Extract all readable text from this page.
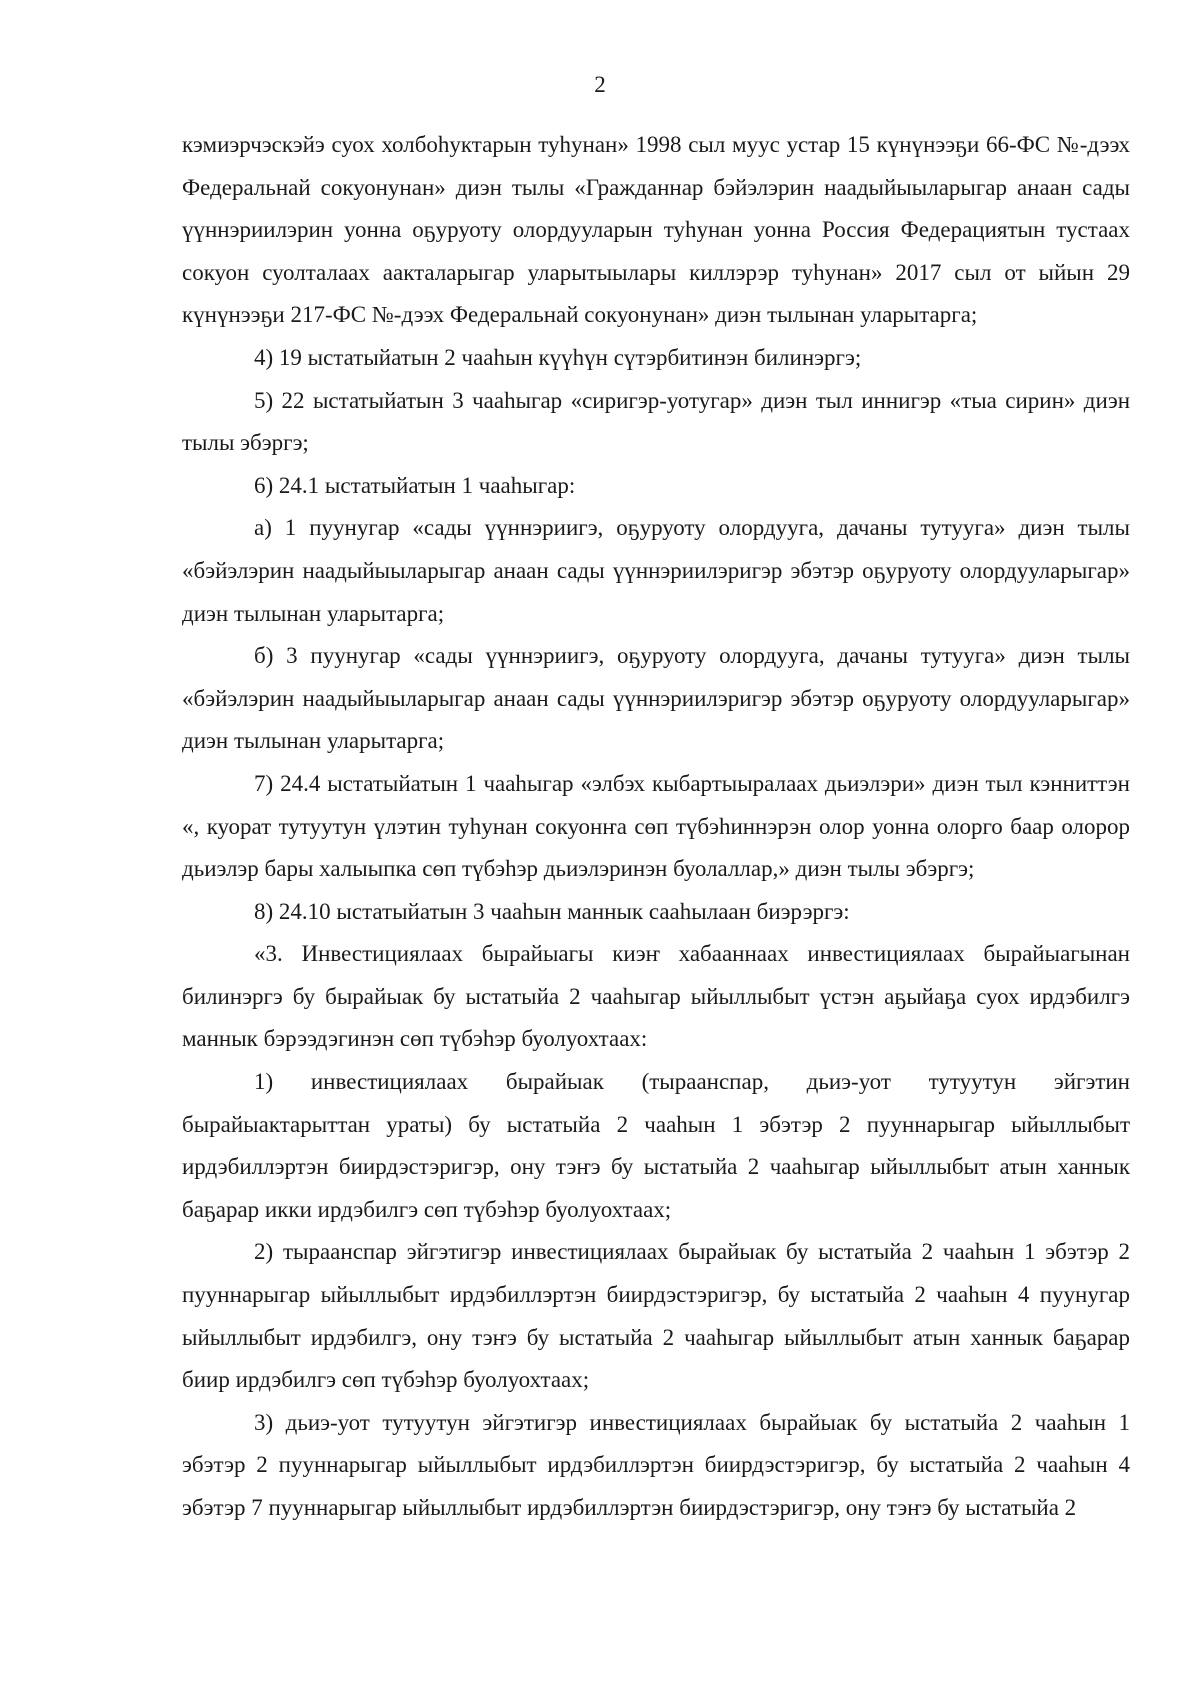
2

кэмиэрчэскэйэ суох холбоһуктарын туһунан» 1998 сыл муус устар 15 күнүнээҕи 66-ФС №-дээх Федеральнай сокуонунан» диэн тылы «Гражданнар бэйэлэрин наадыйыыларыгар анаан сады үүннэриилэрин уонна оҕуруоту олордууларын туһунан уонна Россия Федерациятын тустаах сокуон суолталаах аакталарыгар уларытыылары киллэрэр туһунан» 2017 сыл от ыйын 29 күнүнээҕи 217-ФС №-дээх Федеральнай сокуонунан» диэн тылынан уларытарга;

4) 19 ыстатыйатын 2 чааһын күүһүн сүтэрбитинэн билинэргэ;

5) 22 ыстатыйатын 3 чааһыгар «сиригэр-уотугар» диэн тыл иннигэр «тыа сирин» диэн тылы эбэргэ;

6) 24.1 ыстатыйатын 1 чааһыгар:

а) 1 пуунугар «сады үүннэриигэ, оҕуруоту олордууга, дачаны тутууга» диэн тылы «бэйэлэрин наадыйыыларыгар анаан сады үүннэриилэригэр эбэтэр оҕуруоту олордууларыгар» диэн тылынан уларытарга;

б) 3 пуунугар «сады үүннэриигэ, оҕуруоту олордууга, дачаны тутууга» диэн тылы «бэйэлэрин наадыйыыларыгар анаан сады үүннэриилэригэр эбэтэр оҕуруоту олордууларыгар» диэн тылынан уларытарга;

7) 24.4 ыстатыйатын 1 чааһыгар «элбэх кыбартыыралаах дьиэлэри» диэн тыл кэнниттэн «, куорат тутуутун үлэтин туһунан сокуонҥа сөп түбэһиннэрэн олор уонна олорго баар олорор дьиэлэр бары халыыпка сөп түбэһэр дьиэлэринэн буолаллар,» диэн тылы эбэргэ;

8) 24.10 ыстатыйатын 3 чааһын маннык сааһылаан биэрэргэ:

«3. Инвестициялаах бырайыагы киэҥ хабааннаах инвестициялаах бырайыагынан билинэргэ бу бырайыак бу ыстатыйа 2 чааһыгар ыйыллыбыт үстэн аҕыйаҕа суох ирдэбилгэ маннык бэрээдэгинэн сөп түбэһэр буолуохтаах:

1) инвестициялаах бырайыак (тыраанспар, дьиэ-уот тутуутун эйгэтин бырайыактарыттан ураты) бу ыстатыйа 2 чааһын 1 эбэтэр 2 пууннарыгар ыйыллыбыт ирдэбиллэртэн биирдэстэригэр, ону тэҥэ бу ыстатыйа 2 чааһыгар ыйыллыбыт атын ханнык баҕарар икки ирдэбилгэ сөп түбэһэр буолуохтаах;

2) тыраанспар эйгэтигэр инвестициялаах бырайыак бу ыстатыйа 2 чааһын 1 эбэтэр 2 пууннарыгар ыйыллыбыт ирдэбиллэртэн биирдэстэригэр, бу ыстатыйа 2 чааһын 4 пуунугар ыйыллыбыт ирдэбилгэ, ону тэҥэ бу ыстатыйа 2 чааһыгар ыйыллыбыт атын ханнык баҕарар биир ирдэбилгэ сөп түбэһэр буолуохтаах;

3) дьиэ-уот тутуутун эйгэтигэр инвестициялаах бырайыак бу ыстатыйа 2 чааһын 1 эбэтэр 2 пууннарыгар ыйыллыбыт ирдэбиллэртэн биирдэстэригэр, бу ыстатыйа 2 чааһын 4 эбэтэр 7 пууннарыгар ыйыллыбыт ирдэбиллэртэн биирдэстэригэр, ону тэҥэ бу ыстатыйа 2
